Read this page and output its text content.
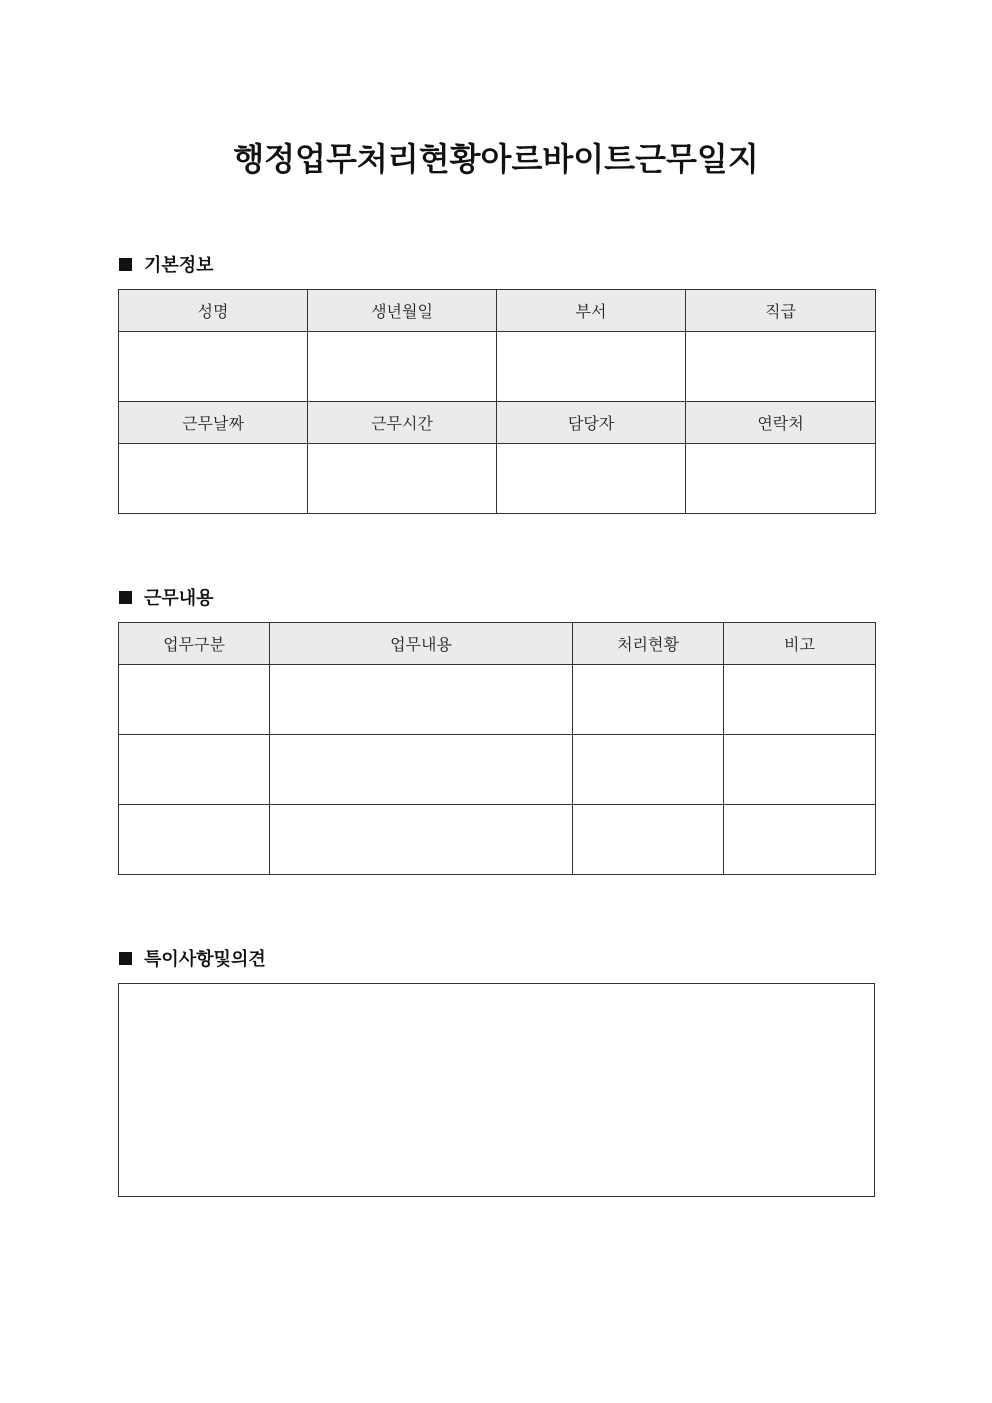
행정업무처리현황아르바이트근무일지
기본정보
성명	생년월일	부서	직급

근무날짜	근무시간	담당자	연락처

근무내용
업무구분	업무내용	처리현황	비고

특이사항및의견
